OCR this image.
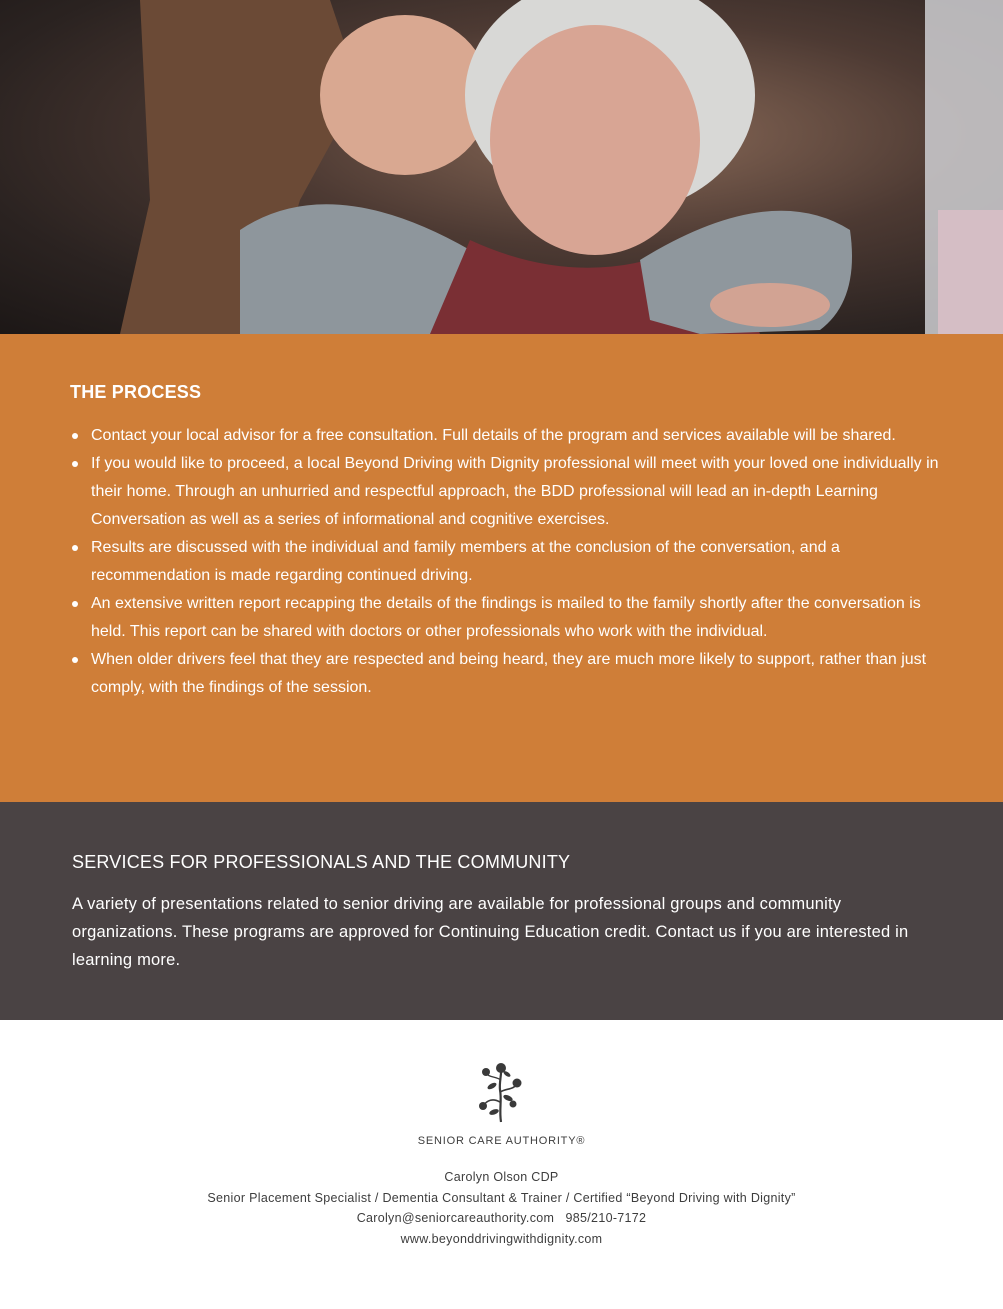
THE PROCESS
Contact your local advisor for a free consultation. Full details of the program and services available will be shared.
If you would like to proceed, a local Beyond Driving with Dignity professional will meet with your loved one individually in their home. Through an unhurried and respectful approach, the BDD professional will lead an in-depth Learning Conversation as well as a series of informational and cognitive exercises.
Results are discussed with the individual and family members at the conclusion of the conversation, and a recommendation is made regarding continued driving.
An extensive written report recapping the details of the findings is mailed to the family shortly after the conversation is held. This report can be shared with doctors or other professionals who work with the individual.
When older drivers feel that they are respected and being heard, they are much more likely to support, rather than just comply, with the findings of the session.
SERVICES FOR PROFESSIONALS AND THE COMMUNITY

A variety of presentations related to senior driving are available for professional groups and community organizations. These programs are approved for Continuing Education credit. Contact us if you are interested in learning more.

SENIOR CARE AUTHORITY®
Carolyn Olson CDP
Senior Placement Specialist / Dementia Consultant & Trainer / Certified “Beyond Driving with Dignity”
Carolyn@seniorcareauthority.com   985/210-7172
www.beyonddrivingwithdignity.com
